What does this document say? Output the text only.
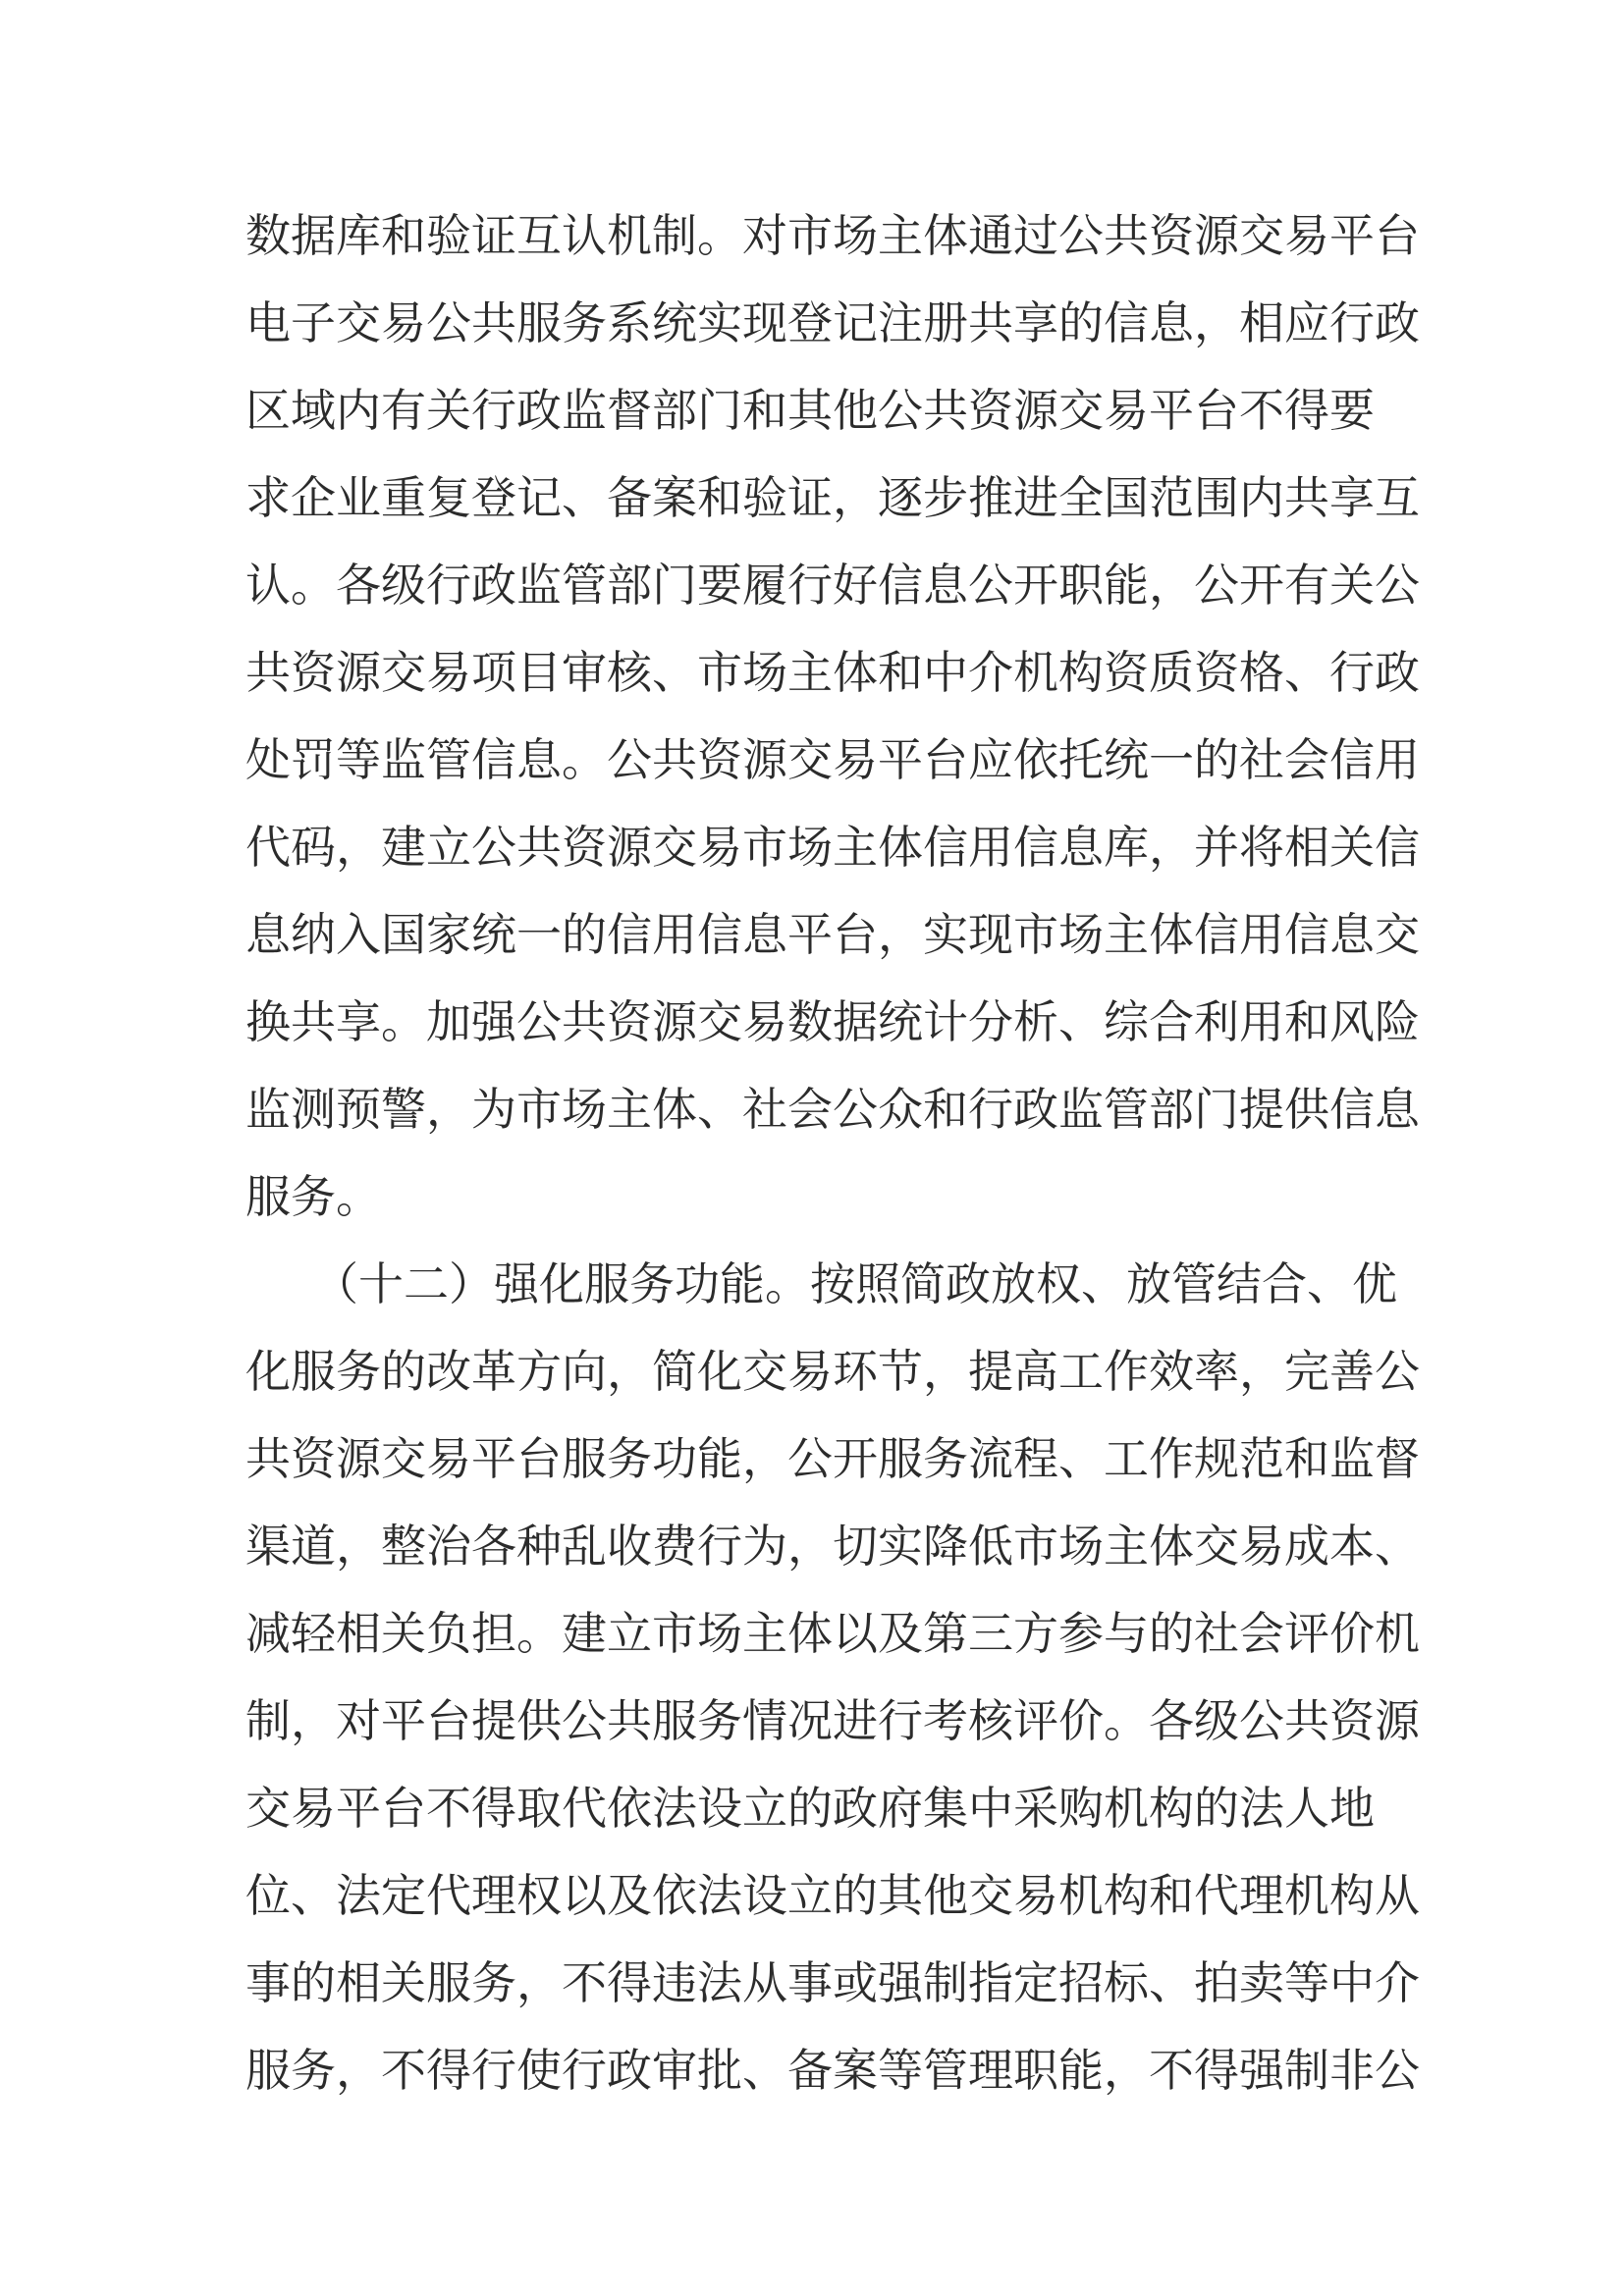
数据库和验证互认机制。对市场主体通过公共资源交易平台
电子交易公共服务系统实现登记注册共享的信息，相应行政
区域内有关行政监督部门和其他公共资源交易平台不得要
求企业重复登记、备案和验证，逐步推进全国范围内共享互
认。各级行政监管部门要履行好信息公开职能，公开有关公
共资源交易项目审核、市场主体和中介机构资质资格、行政
处罚等监管信息。公共资源交易平台应依托统一的社会信用
代码，建立公共资源交易市场主体信用信息库，并将相关信
息纳入国家统一的信用信息平台，实现市场主体信用信息交
换共享。加强公共资源交易数据统计分析、综合利用和风险
监测预警，为市场主体、社会公众和行政监管部门提供信息
服务。
　　（十二）强化服务功能。按照简政放权、放管结合、优
化服务的改革方向，简化交易环节，提高工作效率，完善公
共资源交易平台服务功能，公开服务流程、工作规范和监督
渠道，整治各种乱收费行为，切实降低市场主体交易成本、
减轻相关负担。建立市场主体以及第三方参与的社会评价机
制，对平台提供公共服务情况进行考核评价。各级公共资源
交易平台不得取代依法设立的政府集中采购机构的法人地
位、法定代理权以及依法设立的其他交易机构和代理机构从
事的相关服务，不得违法从事或强制指定招标、拍卖等中介
服务，不得行使行政审批、备案等管理职能，不得强制非公
